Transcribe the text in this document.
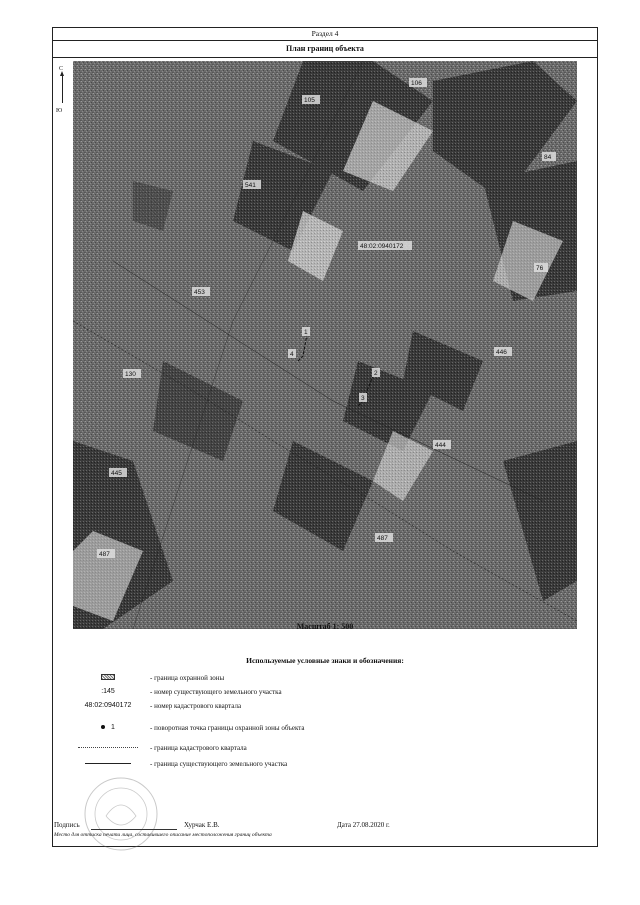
Раздел 4
План границ объекта
С
Ю
105
106
84
541
48:02:0940172
76
453
1
4	446
2
3
130
444
445
487
487
Масштаб 1: 500
Используемые условные знаки и обозначения:
- граница охранной зоны
:145	- номер существующего земельного участка
48:02:0940172	- номер кадастрового квартала
1	- поворотная точка границы охранной зоны объекта
- граница кадастрового квартала
- граница существующего земельного участка
Подпись	Хурчак Е.В.	Дата 27.08.2020 г.
Место для оттиска печати лица, составившего описание местоположения границ объекта
